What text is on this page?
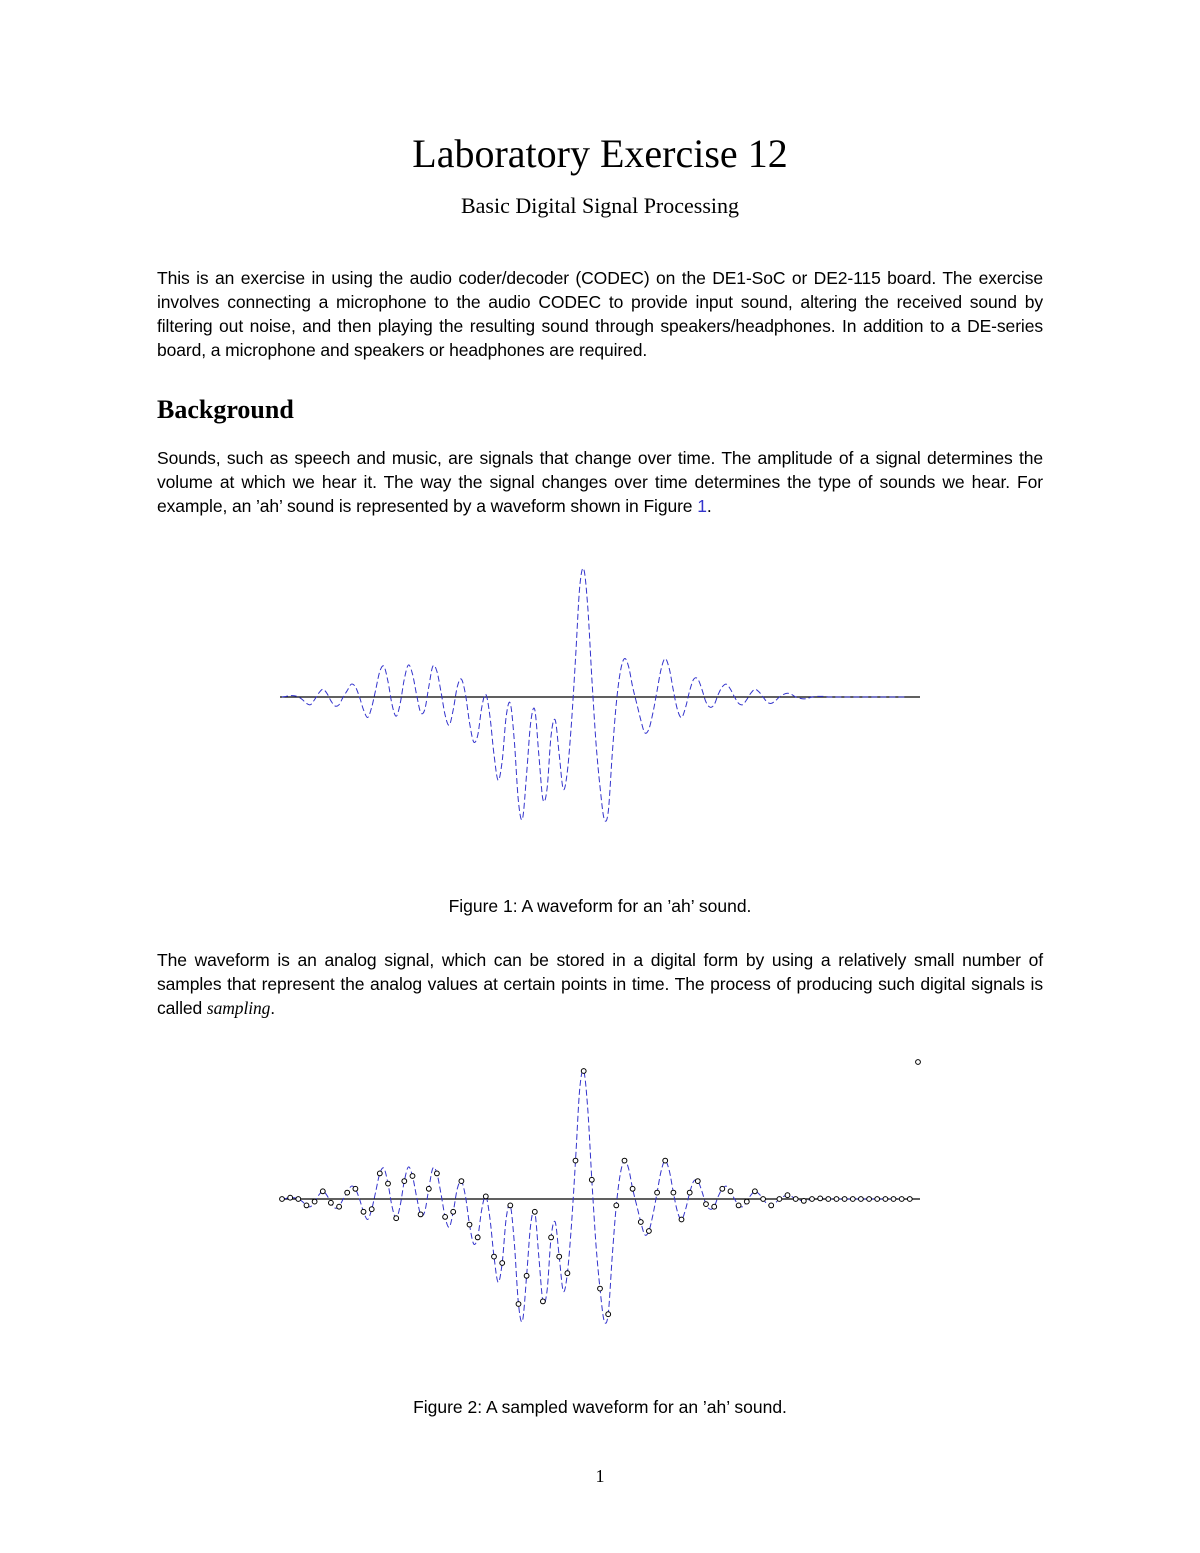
Laboratory Exercise 12
Basic Digital Signal Processing
This is an exercise in using the audio coder/decoder (CODEC) on the DE1-SoC or DE2-115 board. The exercise involves connecting a microphone to the audio CODEC to provide input sound, altering the received sound by filtering out noise, and then playing the resulting sound through speakers/headphones. In addition to a DE-series board, a microphone and speakers or headphones are required.
Background
Sounds, such as speech and music, are signals that change over time. The amplitude of a signal determines the volume at which we hear it. The way the signal changes over time determines the type of sounds we hear. For example, an ’ah’ sound is represented by a waveform shown in Figure 1.
Figure 1: A waveform for an ’ah’ sound.
The waveform is an analog signal, which can be stored in a digital form by using a relatively small number of samples that represent the analog values at certain points in time. The process of producing such digital signals is called sampling.
Figure 2: A sampled waveform for an ’ah’ sound.
1
